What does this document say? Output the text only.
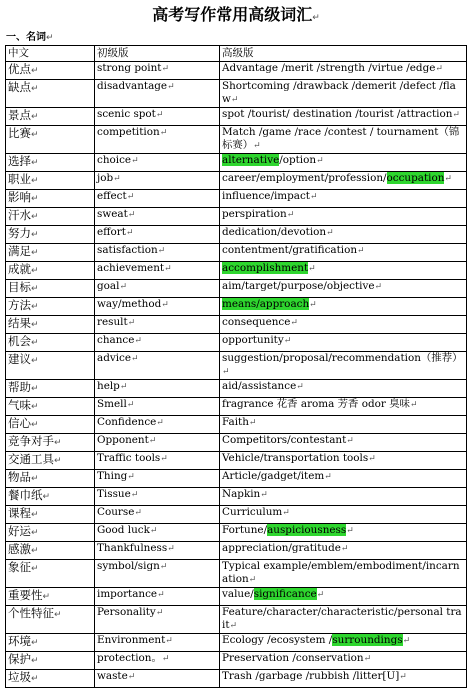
高考写作常用高级词汇↵
一、名词↵
中文	初级版	高级版
优点↵	strong point↵	Advantage /merit /strength /virtue /edge↵
缺点↵	disadvantage↵	Shortcoming /drawback /demerit /defect /flaw↵
景点↵	scenic spot↵	spot /tourist/ destination /tourist /attraction↵
比赛↵	competition↵	Match /game /race /contest / tournament（锦标赛）↵
选择↵	choice↵	alternative/option↵
职业↵	job↵	career/employment/profession/occupation↵
影响↵	effect↵	influence/impact↵
汗水↵	sweat↵	perspiration↵
努力↵	effort↵	dedication/devotion↵
满足↵	satisfaction↵	contentment/gratification↵
成就↵	achievement↵	accomplishment↵
目标↵	goal↵	aim/target/purpose/objective↵
方法↵	way/method↵	means/approach↵
结果↵	result↵	consequence↵
机会↵	chance↵	opportunity↵
建议↵	advice↵	suggestion/proposal/recommendation（推荐）↵
帮助↵	help↵	aid/assistance↵
气味↵	Smell↵	fragrance 花香 aroma 芳香 odor 臭味↵
信心↵	Confidence↵	Faith↵
竞争对手↵	Opponent↵	Competitors/contestant↵
交通工具↵	Traffic tools↵	Vehicle/transportation tools↵
物品↵	Thing↵	Article/gadget/item↵
餐巾纸↵	Tissue↵	Napkin↵
课程↵	Course↵	Curriculum↵
好运↵	Good luck↵	Fortune/auspiciousness↵
感激↵	Thankfulness↵	appreciation/gratitude↵
象征↵	symbol/sign↵	Typical example/emblem/embodiment/incarnation↵
重要性↵	importance↵	value/significance↵
个性特征↵	Personality↵	Feature/character/characteristic/personal trait↵
环境↵	Environment↵	Ecology /ecosystem /surroundings↵
保护↵	protection。↵	Preservation /conservation↵
垃圾↵	waste↵	Trash /garbage /rubbish /litter[U]↵
